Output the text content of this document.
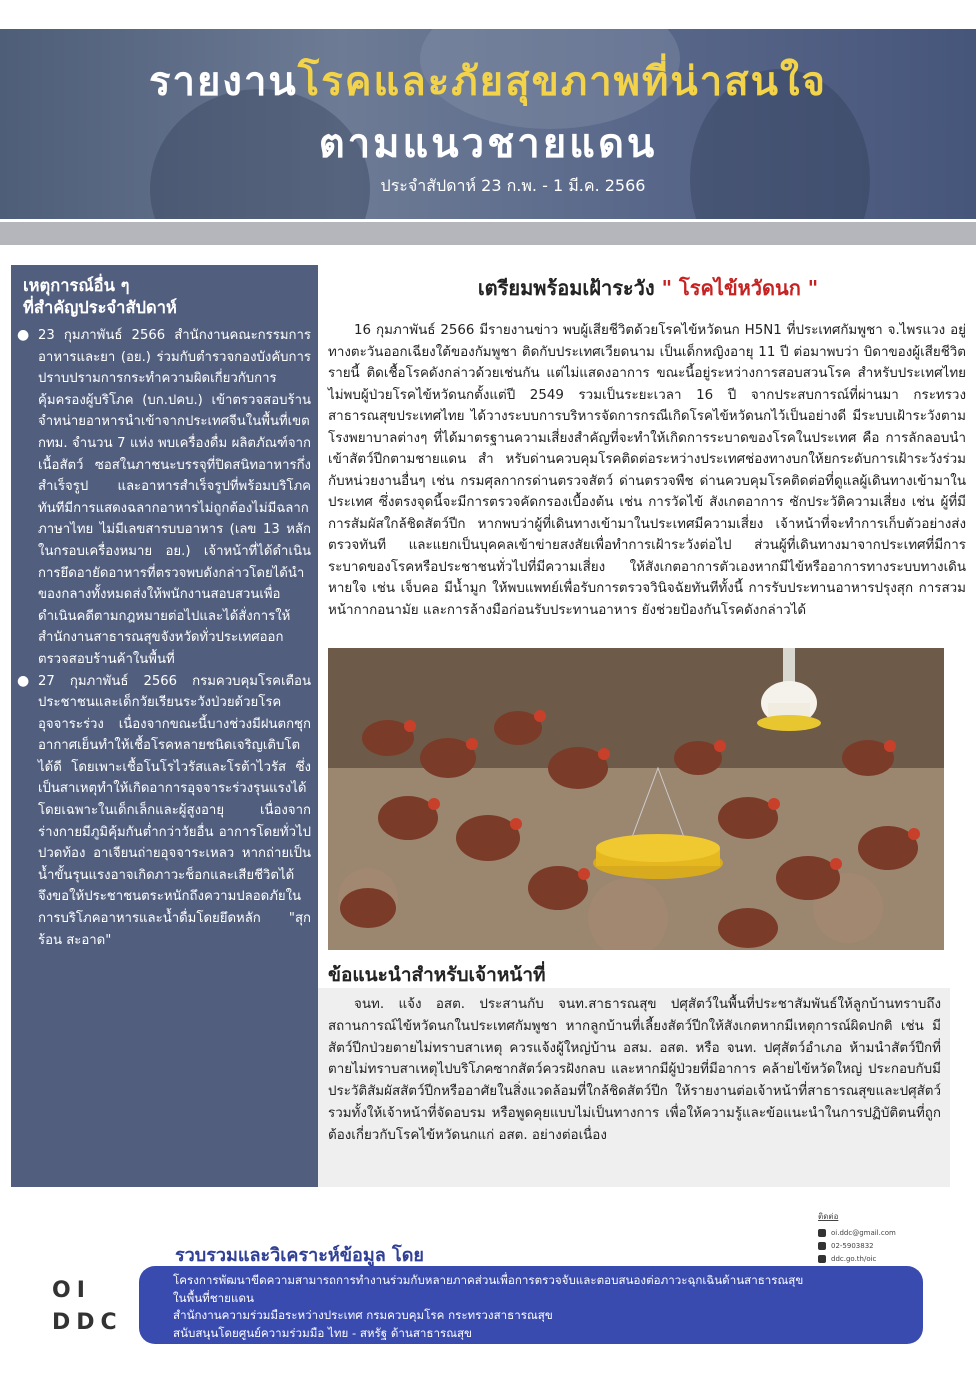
รายงานโรคและภัยสุขภาพที่น่าสนใจ
ตามแนวชายแดน
ประจำสัปดาห์ 23 ก.พ. - 1 มี.ค. 2566
เหตุการณ์อื่น ๆ
ที่สำคัญประจำสัปดาห์
● 23 กุมภาพันธ์ 2566 สำนักงานคณะกรรมการอาหารและยา (อย.) ร่วมกับตำรวจกองบังคับการปราบปรามการกระทำความผิดเกี่ยวกับการคุ้มครองผู้บริโภค (บก.ปคบ.) เข้าตรวจสอบร้านจำหน่ายอาหารนำเข้าจากประเทศจีนในพื้นที่เขต กทม. จำนวน 7 แห่ง พบเครื่องดื่ม ผลิตภัณฑ์จากเนื้อสัตว์ ซอสในภาชนะบรรจุที่ปิดสนิทอาหารกึ่งสำเร็จรูป และอาหารสำเร็จรูปที่พร้อมบริโภคทันทีมีการแสดงฉลากอาหารไม่ถูกต้องไม่มีฉลากภาษาไทย ไม่มีเลขสารบบอาหาร (เลข 13 หลักในกรอบเครื่องหมาย อย.) เจ้าหน้าที่ได้ดำเนินการยึดอายัดอาหารที่ตรวจพบดังกล่าวโดยได้นำของกลางทั้งหมดส่งให้พนักงานสอบสวนเพื่อดำเนินคดีตามกฎหมายต่อไปและได้สั่งการให้สำนักงานสาธารณสุขจังหวัดทั่วประเทศออกตรวจสอบร้านค้าในพื้นที่
● 27 กุมภาพันธ์ 2566 กรมควบคุมโรคเตือนประชาชนและเด็กวัยเรียนระวังป่วยด้วยโรคอุจจาระร่วง เนื่องจากขณะนี้บางช่วงมีฝนตกชุกอากาศเย็นทำให้เชื้อโรคหลายชนิดเจริญเติบโตได้ดี โดยเพาะเชื้อโนโรไวรัสและโรต้าไวรัส ซึ่งเป็นสาเหตุทำให้เกิดอาการอุจจาระร่วงรุนแรงได้โดยเฉพาะในเด็กเล็กและผู้สูงอายุ เนื่องจากร่างกายมีภูมิคุ้มกันต่ำกว่าวัยอื่น อาการโดยทั่วไปปวดท้อง อาเจียนถ่ายอุจจาระเหลว หากถ่ายเป็นน้ำขั้นรุนแรงอาจเกิดภาวะช็อกและเสียชีวิตได้ จึงขอให้ประชาชนตระหนักถึงความปลอดภัยในการบริโภคอาหารและน้ำดื่มโดยยึดหลัก "สุก ร้อน สะอาด"
เตรียมพร้อมเฝ้าระวัง " โรคไข้หวัดนก "

16 กุมภาพันธ์ 2566 มีรายงานข่าว พบผู้เสียชีวิตด้วยโรคไข้หวัดนก H5N1 ที่ประเทศกัมพูชา จ.ไพรแวง อยู่ทางตะวันออกเฉียงใต้ของกัมพูชา ติดกับประเทศเวียดนาม เป็นเด็กหญิงอายุ 11 ปี ต่อมาพบว่า บิดาของผู้เสียชีวิตรายนี้ ติดเชื้อโรคดังกล่าวด้วยเช่นกัน แต่ไม่แสดงอาการ ขณะนี้อยู่ระหว่างการสอบสวนโรค สำหรับประเทศไทยไม่พบผู้ป่วยโรคไข้หวัดนกตั้งแต่ปี 2549 รวมเป็นระยะเวลา 16 ปี จากประสบการณ์ที่ผ่านมา กระทรวงสาธารณสุขประเทศไทย ได้วางระบบการบริหารจัดการกรณีเกิดโรคไข้หวัดนกไว้เป็นอย่างดี มีระบบเฝ้าระวังตามโรงพยาบาลต่างๆ ที่ได้มาตรฐานความเสี่ยงสำคัญที่จะทำให้เกิดการระบาดของโรคในประเทศ คือ การลักลอบนำ เข้าสัตว์ปีกตามชายแดน สำ หรับด่านควบคุมโรคติดต่อระหว่างประเทศช่องทางบกให้ยกระดับการเฝ้าระวังร่วมกับหน่วยงานอื่นๆ เช่น กรมศุลกากรด่านตรวจสัตว์ ด่านตรวจพืช ด่านควบคุมโรคติดต่อที่ดูแลผู้เดินทางเข้ามาในประเทศ ซึ่งตรงจุดนี้จะมีการตรวจคัดกรองเบื้องต้น เช่น การวัดไข้ สังเกตอาการ ซักประวัติความเสี่ยง เช่น ผู้ที่มีการสัมผัสใกล้ชิดสัตว์ปีก หากพบว่าผู้ที่เดินทางเข้ามาในประเทศมีความเสี่ยง เจ้าหน้าที่จะทำการเก็บตัวอย่างส่งตรวจทันที และแยกเป็นบุคคลเข้าข่ายสงสัยเพื่อทำการเฝ้าระวังต่อไป ส่วนผู้ที่เดินทางมาจากประเทศที่มีการระบาดของโรคหรือประชาชนทั่วไปที่มีความเสี่ยง ให้สังเกตอาการตัวเองหากมีไข้หรืออาการทางระบบทางเดินหายใจ เช่น เจ็บคอ มีน้ำมูก ให้พบแพทย์เพื่อรับการตรวจวินิจฉัยทันทีทั้งนี้ การรับประทานอาหารปรุงสุก การสวมหน้ากากอนามัย และการล้างมือก่อนรับประทานอาหาร ยังช่วยป้องกันโรคดังกล่าวได้

ข้อแนะนำสำหรับเจ้าหน้าที่

จนท. แจ้ง อสต. ประสานกับ จนท.สาธารณสุข ปศุสัตว์ในพื้นที่ประชาสัมพันธ์ให้ลูกบ้านทราบถึงสถานการณ์ไข้หวัดนกในประเทศกัมพูชา หากลูกบ้านที่เลี้ยงสัตว์ปีกให้สังเกตหากมีเหตุการณ์ผิดปกติ เช่น มีสัตว์ปีกป่วยตายไม่ทราบสาเหตุ ควรแจ้งผู้ใหญ่บ้าน อสม. อสต. หรือ จนท. ปศุสัตว์อำเภอ ห้ามนำสัตว์ปีกที่ตายไม่ทราบสาเหตุไปบริโภคซากสัตว์ควรฝังกลบ และหากมีผู้ป่วยที่มีอาการ คล้ายไข้หวัดใหญ่ ประกอบกับมีประวัติสัมผัสสัตว์ปีกหรืออาศัยในสิ่งแวดล้อมที่ใกล้ชิดสัตว์ปีก ให้รายงานต่อเจ้าหน้าที่สาธารณสุขและปศุสัตว์รวมทั้งให้เจ้าหน้าที่จัดอบรม หรือพูดคุยแบบไม่เป็นทางการ เพื่อให้ความรู้และข้อแนะนำในการปฏิบัติตนที่ถูกต้องเกี่ยวกับโรคไข้หวัดนกแก่ อสต. อย่างต่อเนื่อง

ติดต่อ
oi.ddc@gmail.com
02-5903832
ddc.go.th/oic
OI
DDC
รวบรวมและวิเคราะห์ข้อมูล โดย
โครงการพัฒนาขีดความสามารถการทำงานร่วมกับหลายภาคส่วนเพื่อการตรวจจับและตอบสนองต่อภาวะฉุกเฉินด้านสาธารณสุข
ในพื้นที่ชายแดน
สำนักงานความร่วมมือระหว่างประเทศ กรมควบคุมโรค กระทรวงสาธารณสุข
สนับสนุนโดยศูนย์ความร่วมมือ ไทย - สหรัฐ ด้านสาธารณสุข
